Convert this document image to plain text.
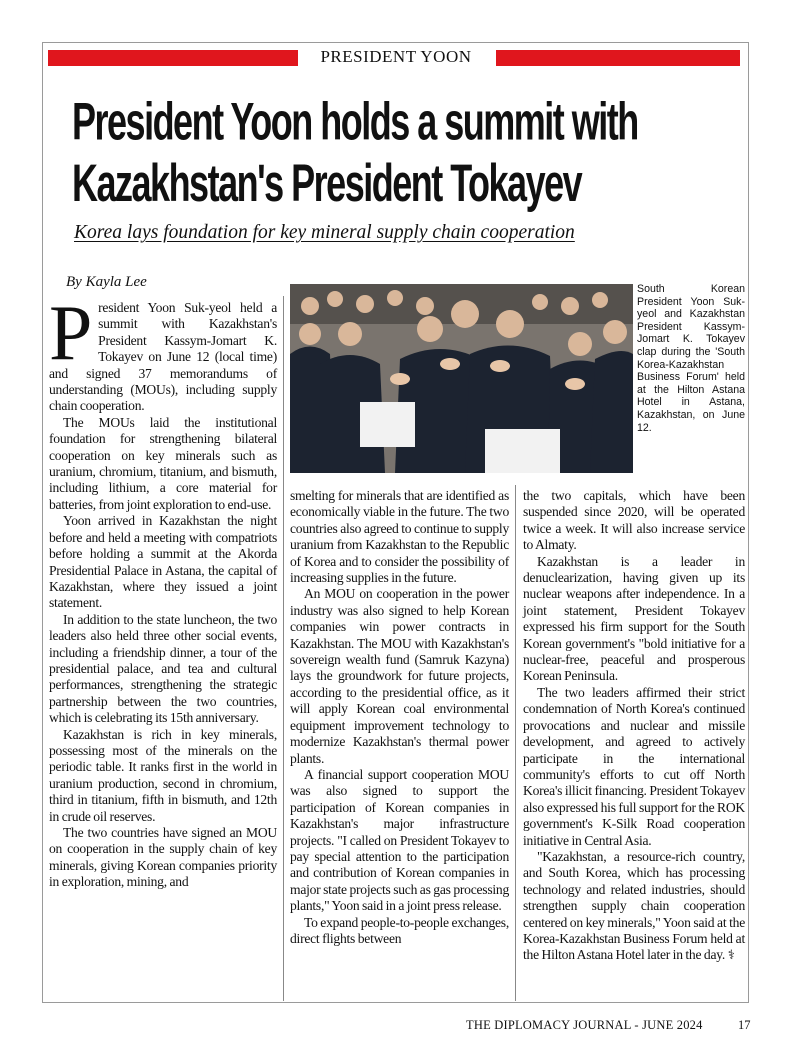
PRESIDENT YOON
President Yoon holds a summit with Kazakhstan's President Tokayev
Korea lays foundation for key mineral supply chain cooperation
By Kayla Lee	South Korean President Yoon Suk-yeol and Kazakhstan President Kassym-Jomart K. Tokayev clap during the 'South Korea-Kazakhstan Business Forum' held at the Hilton Astana Hotel in Astana, Kazakhstan, on June 12.

President Yoon Suk-yeol held a summit with Kazakhstan's President Kassym-Jomart K. Tokayev on June 12 (local time) and signed 37 memorandums of understanding (MOUs), including supply chain cooperation.

The MOUs laid the institutional foundation for strengthening bilateral cooperation on key minerals such as uranium, chromium, titanium, and bismuth, including lithium, a core material for batteries, from joint exploration to end-use.

Yoon arrived in Kazakhstan the night before and held a meeting with compatriots before holding a summit at the Akorda Presidential Palace in Astana, the capital of Kazakhstan, where they issued a joint statement.

In addition to the state luncheon, the two leaders also held three other social events, including a friendship dinner, a tour of the presidential palace, and tea and cultural performances, strengthening the strategic partnership between the two countries, which is celebrating its 15th anniversary.

Kazakhstan is rich in key minerals, possessing most of the minerals on the periodic table. It ranks first in the world in uranium production, second in chromium, third in titanium, fifth in bismuth, and 12th in crude oil reserves.

The two countries have signed an MOU on cooperation in the supply chain of key minerals, giving Korean companies priority in exploration, mining, and

smelting for minerals that are identified as economically viable in the future. The two countries also agreed to continue to supply uranium from Kazakhstan to the Republic of Korea and to consider the possibility of increasing supplies in the future.

An MOU on cooperation in the power industry was also signed to help Korean companies win power contracts in Kazakhstan. The MOU with Kazakhstan's sovereign wealth fund (Samruk Kazyna) lays the groundwork for future projects, according to the presidential office, as it will apply Korean coal environmental equipment improvement technology to modernize Kazakhstan's thermal power plants.

A financial support cooperation MOU was also signed to support the participation of Korean companies in Kazakhstan's major infrastructure projects. "I called on President Tokayev to pay special attention to the participation and contribution of Korean companies in major state projects such as gas processing plants," Yoon said in a joint press release.

To expand people-to-people exchanges, direct flights between

the two capitals, which have been suspended since 2020, will be operated twice a week. It will also increase service to Almaty.

Kazakhstan is a leader in denuclearization, having given up its nuclear weapons after independence. In a joint statement, President Tokayev expressed his firm support for the South Korean government's "bold initiative for a nuclear-free, peaceful and prosperous Korean Peninsula.

The two leaders affirmed their strict condemnation of North Korea's continued provocations and nuclear and missile development, and agreed to actively participate in the international community's efforts to cut off North Korea's illicit financing. President Tokayev also expressed his full support for the ROK government's K-Silk Road cooperation initiative in Central Asia.

"Kazakhstan, a resource-rich country, and South Korea, which has processing technology and related industries, should strengthen supply chain cooperation centered on key minerals," Yoon said at the Korea-Kazakhstan Business Forum held at the Hilton Astana Hotel later in the day. ⚕

THE DIPLOMACY JOURNAL - JUNE 2024	17
